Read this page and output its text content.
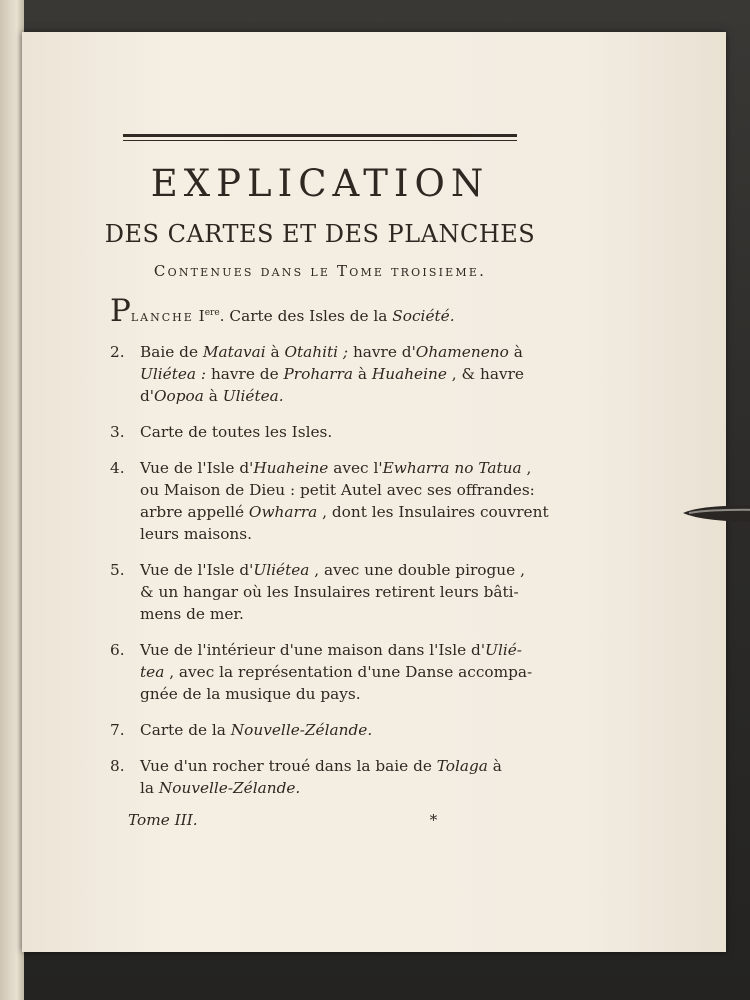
EXPLICATION
DES CARTES ET DES PLANCHES
Contenues dans le Tome troisieme.
Planche Iere. Carte des Isles de la Société.
2. Baie de Matavai à Otahiti ; havre d'Ohameneno à
Uliétea : havre de Proharra à Huaheine , & havre
d'Oopoa à Uliétea.
3. Carte de toutes les Isles.
4. Vue de l'Isle d'Huaheine avec l'Ewharra no Tatua ,
ou Maison de Dieu : petit Autel avec ses offrandes:
arbre appellé Owharra , dont les Insulaires couvrent
leurs maisons.
5. Vue de l'Isle d'Uliétea , avec une double pirogue ,
& un hangar où les Insulaires retirent leurs bâti-
mens de mer.
6. Vue de l'intérieur d'une maison dans l'Isle d'Ulié-
tea , avec la représentation d'une Danse accompa-
gnée de la musique du pays.
7. Carte de la Nouvelle-Zélande.
8. Vue d'un rocher troué dans la baie de Tolaga à
la Nouvelle-Zélande.
Tome III.	*
